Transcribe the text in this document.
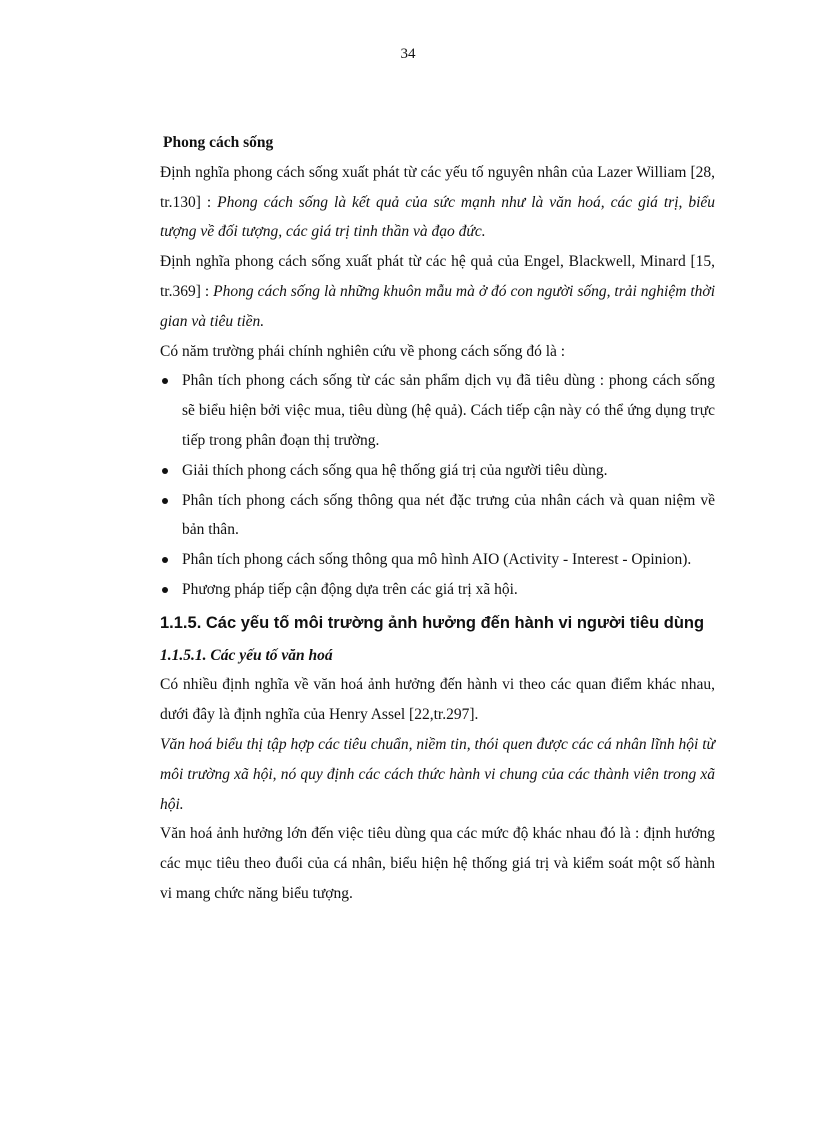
34

Phong cách sống

Định nghĩa phong cách sống xuất phát từ các yếu tố nguyên nhân của Lazer William [28, tr.130] : Phong cách sống là kết quả của sức mạnh như là văn hoá, các giá trị, biểu tượng về đối tượng, các giá trị tinh thần và đạo đức.

Định nghĩa phong cách sống xuất phát từ các hệ quả của Engel, Blackwell, Minard [15, tr.369] : Phong cách sống là những khuôn mẫu mà ở đó con người sống, trải nghiệm thời gian và tiêu tiền.

Có năm trường phái chính nghiên cứu về phong cách sống đó là :

Phân tích phong cách sống từ các sản phẩm dịch vụ đã tiêu dùng : phong cách sống sẽ biểu hiện bởi việc mua, tiêu dùng (hệ quả). Cách tiếp cận này có thể ứng dụng trực tiếp trong phân đoạn thị trường.
Giải thích phong cách sống qua hệ thống giá trị của người tiêu dùng.
Phân tích phong cách sống thông qua nét đặc trưng của nhân cách và quan niệm về bản thân.
Phân tích phong cách sống thông qua mô hình AIO (Activity - Interest - Opinion).
Phương pháp tiếp cận động dựa trên các giá trị xã hội.

1.1.5. Các yếu tố môi trường ảnh hưởng đến hành vi người tiêu dùng

1.1.5.1. Các yếu tố văn hoá

Có nhiều định nghĩa về văn hoá ảnh hưởng đến hành vi theo các quan điểm khác nhau, dưới đây là định nghĩa của Henry Assel [22,tr.297].

Văn hoá biểu thị tập hợp các tiêu chuẩn, niềm tin, thói quen được các cá nhân lĩnh hội từ môi trường xã hội, nó quy định các cách thức hành vi chung của các thành viên trong xã hội.

Văn hoá ảnh hưởng lớn đến việc tiêu dùng qua các mức độ khác nhau đó là : định hướng các mục tiêu theo đuổi của cá nhân, biểu hiện hệ thống giá trị và kiểm soát một số hành vi mang chức năng biểu tượng.
